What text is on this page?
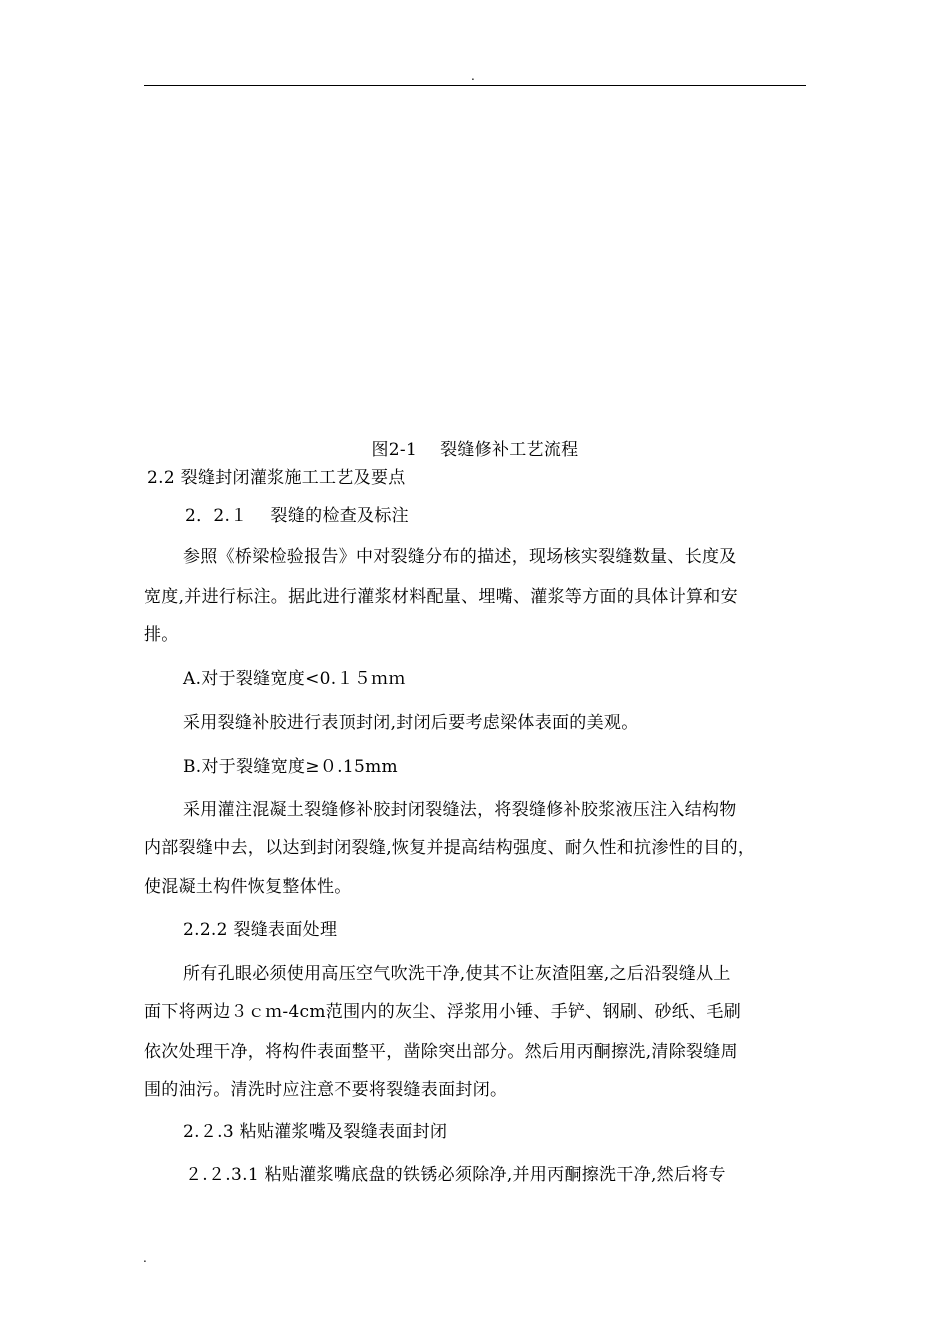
.
图2-1　 裂缝修补工艺流程
2.2 裂缝封闭灌浆施工工艺及要点
2．2.１　 裂缝的检查及标注
参照《桥梁检验报告》中对裂缝分布的描述，现场核实裂缝数量、长度及
宽度,并进行标注。据此进行灌浆材料配量、埋嘴、灌浆等方面的具体计算和安
排。
A.对于裂缝宽度<0.１５ｍｍ
采用裂缝补胶进行表顶封闭,封闭后要考虑梁体表面的美观。
B.对于裂缝宽度≥０.15mm
采用灌注混凝土裂缝修补胶封闭裂缝法，将裂缝修补胶浆液压注入结构物
内部裂缝中去，以达到封闭裂缝,恢复并提高结构强度、耐久性和抗渗性的目的，
使混凝土构件恢复整体性。
2.2.2 裂缝表面处理
所有孔眼必须使用高压空气吹洗干净,使其不让灰渣阻塞,之后沿裂缝从上
面下将两边３ｃｍ-4cm范围内的灰尘、浮浆用小锤、手铲、钢刷、砂纸、毛刷
依次处理干净，将构件表面整平，凿除突出部分。然后用丙酮擦洗,清除裂缝周
围的油污。清洗时应注意不要将裂缝表面封闭。
2.２.3 粘贴灌浆嘴及裂缝表面封闭
２.２.3.1 粘贴灌浆嘴底盘的铁锈必须除净,并用丙酮擦洗干净,然后将专
.
